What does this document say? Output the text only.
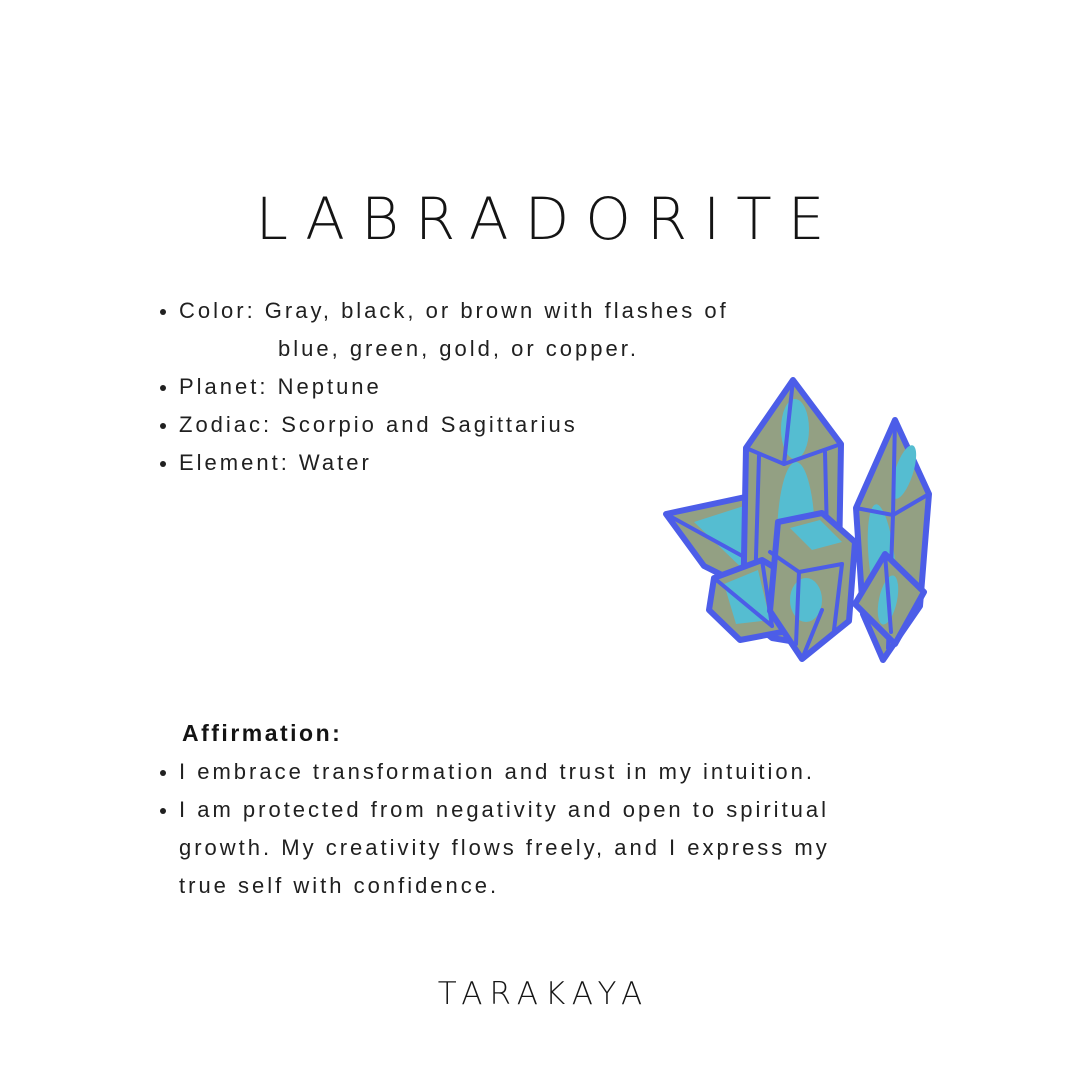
LABRADORITE
Color: Gray, black, or brown with flashes of
blue, green, gold, or copper.
Planet: Neptune
Zodiac: Scorpio and Sagittarius
Element: Water
Affirmation:
I embrace transformation and trust in my intuition.
I am protected from negativity and open to spiritual
growth. My creativity flows freely, and I express my
true self with confidence.
TARAKAYA
